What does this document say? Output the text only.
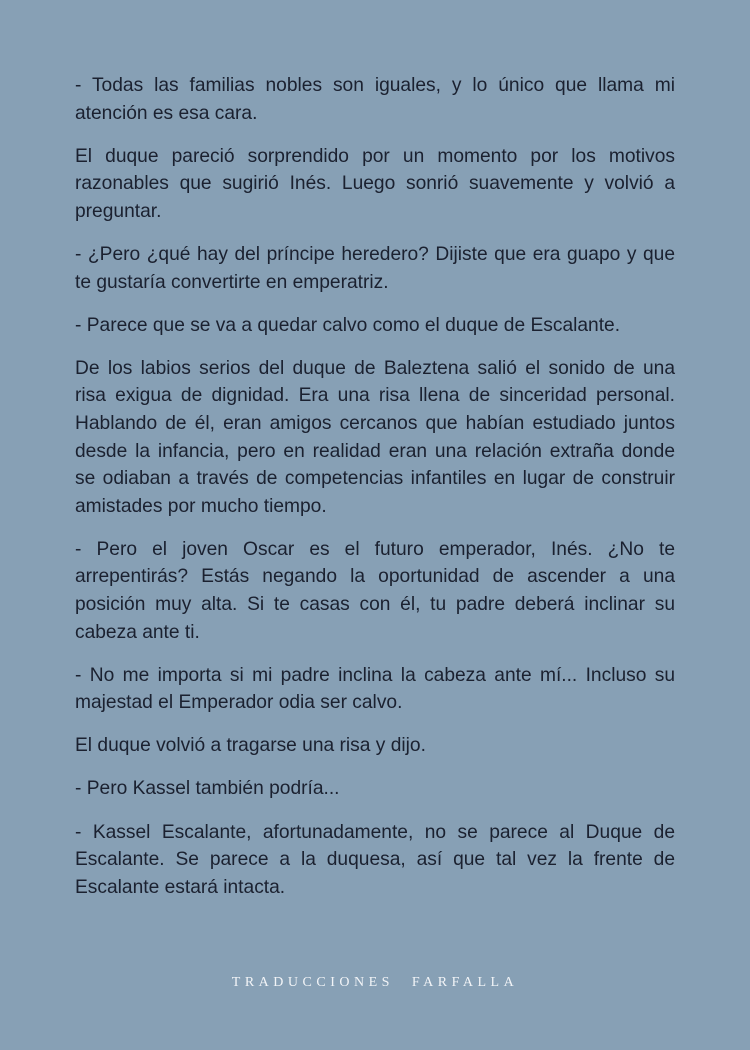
- Todas las familias nobles son iguales, y lo único que llama mi atención es esa cara.

El duque pareció sorprendido por un momento por los motivos razonables que sugirió Inés. Luego sonrió suavemente y volvió a preguntar.

- ¿Pero ¿qué hay del príncipe heredero? Dijiste que era guapo y que te gustaría convertirte en emperatriz.

- Parece que se va a quedar calvo como el duque de Escalante.

De los labios serios del duque de Baleztena salió el sonido de una risa exigua de dignidad. Era una risa llena de sinceridad personal. Hablando de él, eran amigos cercanos que habían estudiado juntos desde la infancia, pero en realidad eran una relación extraña donde se odiaban a través de competencias infantiles en lugar de construir amistades por mucho tiempo.

- Pero el joven Oscar es el futuro emperador, Inés. ¿No te arrepentirás? Estás negando la oportunidad de ascender a una posición muy alta. Si te casas con él, tu padre deberá inclinar su cabeza ante ti.

- No me importa si mi padre inclina la cabeza ante mí... Incluso su majestad el Emperador odia ser calvo.

El duque volvió a tragarse una risa y dijo.

- Pero Kassel también podría...

- Kassel Escalante, afortunadamente, no se parece al Duque de Escalante. Se parece a la duquesa, así que tal vez la frente de Escalante estará intacta.

TRADUCCIONES FARFALLA
